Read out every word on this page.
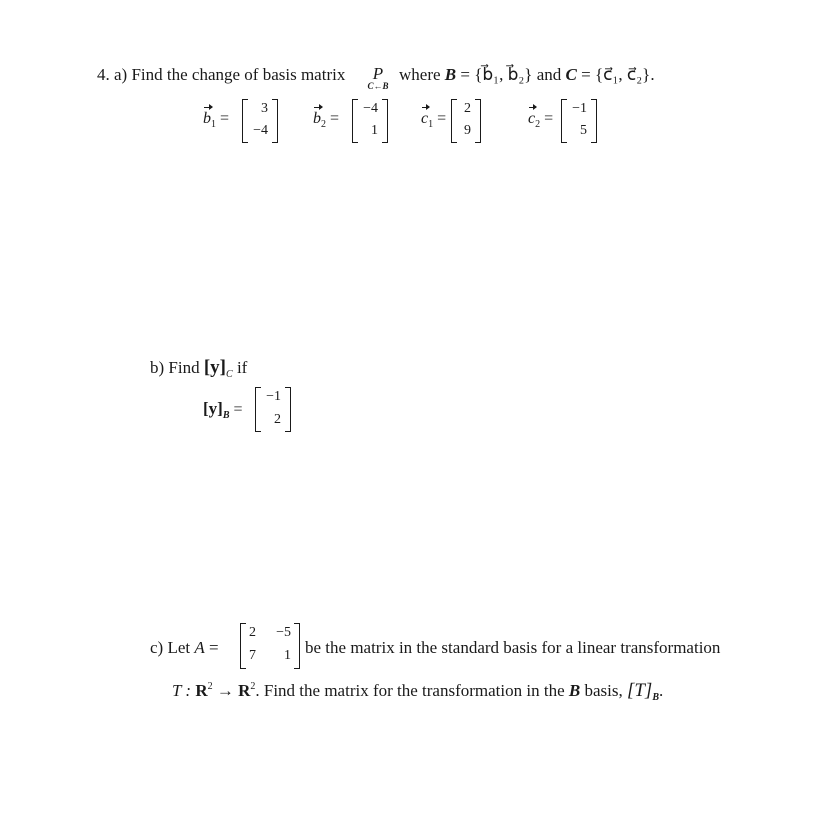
4. a) Find the change of basis matrix	P
C←B
where B = {b⃗₁, b⃗₂} and C = {c⃗₁, c⃗₂}.
$b_1$ =
3
−4
$b_2$ =
−4
1
$c_1$ =
2
9
$c_2$ =
−1
5
b) Find $[y]_C$ if
$[y]_B$ =
−1
2
c) Let A =
2 −5
7 1 be the matrix in the standard basis for a linear transformation
T : $R^2 \to R^2$. Find the matrix for the transformation in the B basis, $[T]_B$.
